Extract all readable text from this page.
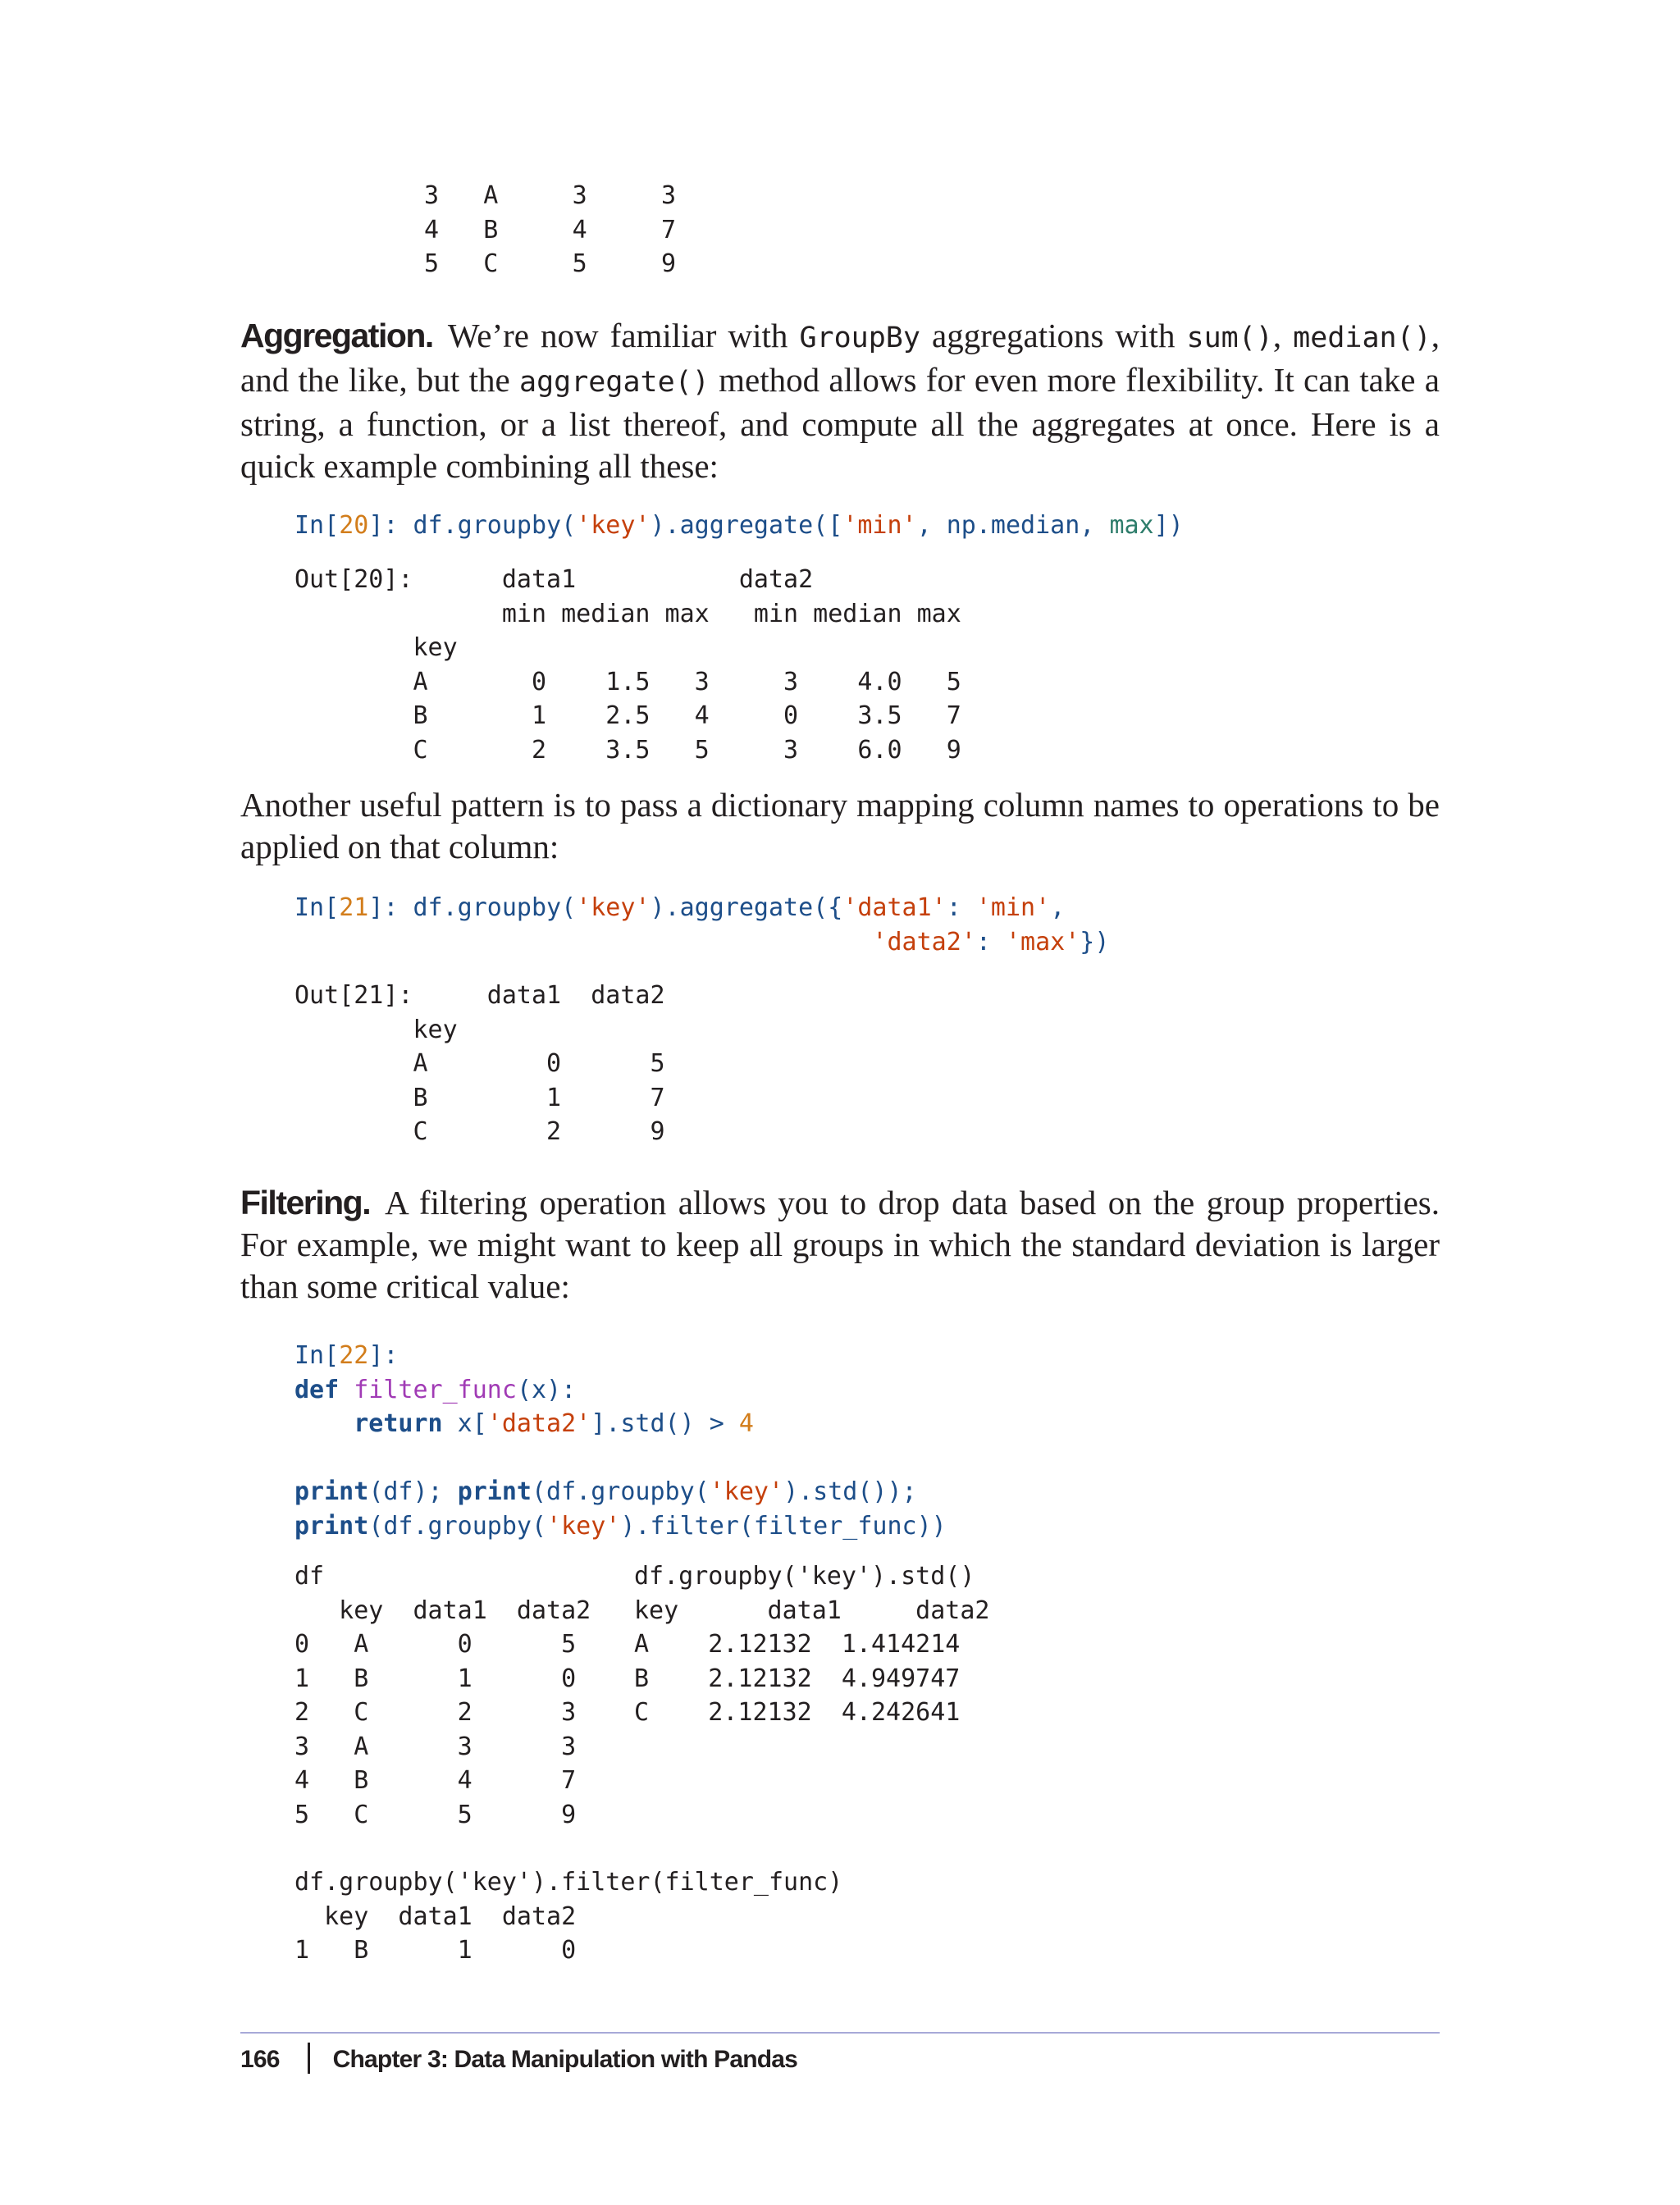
3   A     3     3
4   B     4     7
5   C     5     9

Aggregation. We’re now familiar with GroupBy aggregations with sum(), median(), and the like, but the aggregate() method allows for even more flexibility. It can take a string, a function, or a list thereof, and compute all the aggregates at once. Here is a quick example combining all these:

In[20]: df.groupby('key').aggregate(['min', np.median, max])
Out[20]:      data1           data2
min median max   min median max
key
A       0    1.5   3     3    4.0   5
B       1    2.5   4     0    3.5   7
C       2    3.5   5     3    6.0   9

Another useful pattern is to pass a dictionary mapping column names to operations to be applied on that column:

In[21]: df.groupby('key').aggregate({'data1': 'min',
'data2': 'max'})
Out[21]:     data1  data2
key
A        0      5
B        1      7
C        2      9

Filtering. A filtering operation allows you to drop data based on the group properties. For example, we might want to keep all groups in which the standard deviation is larger than some critical value:

In[22]:
def filter_func(x):
return x['data2'].std() > 4

print(df); print(df.groupby('key').std());
print(df.groupby('key').filter(filter_func))
df
key  data1  data2
0   A      0      5
1   B      1      0
2   C      2      3
3   A      3      3
4   B      4      7
5   C      5      9
df.groupby('key').std()
key      data1     data2
A    2.12132  1.414214
B    2.12132  4.949747
C    2.12132  4.242641
df.groupby('key').filter(filter_func)
key  data1  data2
1   B      1      0
166 Chapter 3: Data Manipulation with Pandas
